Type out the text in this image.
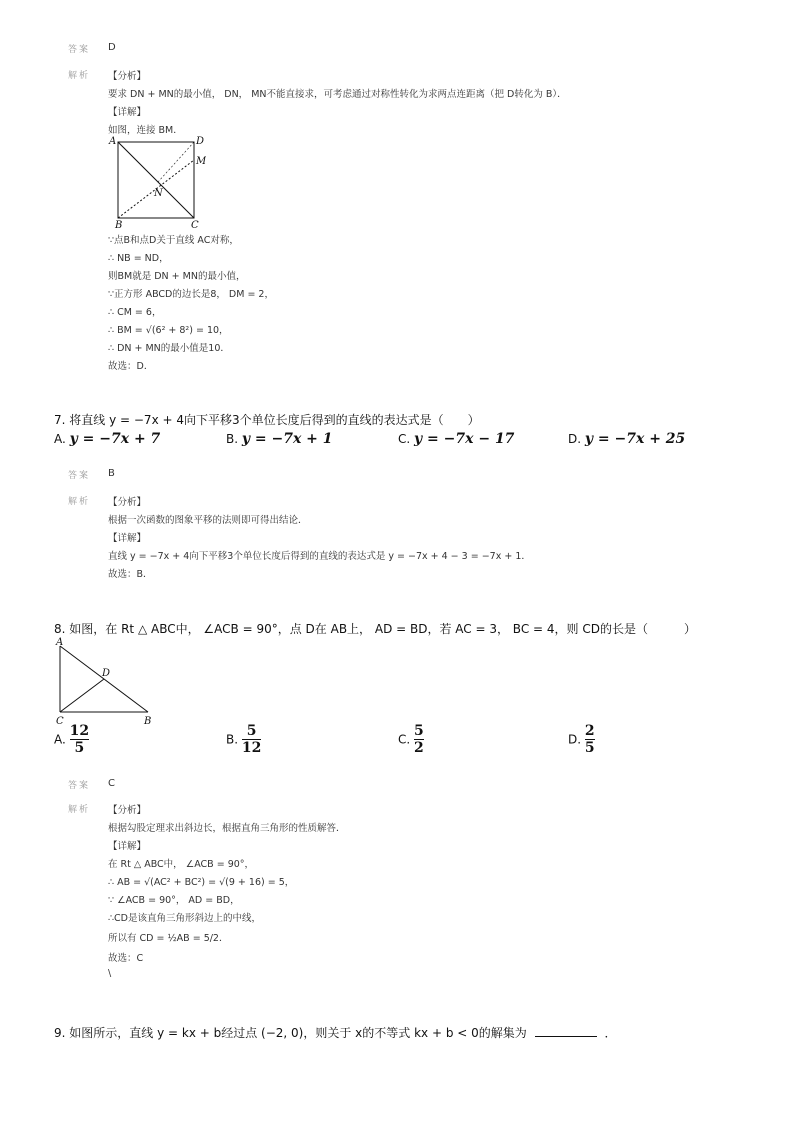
答案 D
解析 【分析】
要求 DN + MN的最小值， DN， MN不能直接求，可考虑通过对称性转化为求两点连距离（把 D转化为 B）．
【详解】
如图，连接 BM．
A	D
M
N
B	C
∵点B和点D关于直线 AC对称，
∴ NB = ND，
则BM就是 DN + MN的最小值，
∵正方形 ABCD的边长是8， DM = 2，
∴ CM = 6，
∴ BM = √(6² + 8²) = 10，
∴ DN + MN的最小值是10．
故选：D．
7. 将直线 y = −7x + 4向下平移3个单位长度后得到的直线的表达式是（　　）
A. y = −7x + 7	B. y = −7x + 1	C. y = −7x − 17	D. y = −7x + 25
答案 B
解析 【分析】
根据一次函数的图象平移的法则即可得出结论．
【详解】
直线 y = −7x + 4向下平移3个单位长度后得到的直线的表达式是 y = −7x + 4 − 3 = −7x + 1．
故选：B．
8. 如图，在 Rt △ ABC中， ∠ACB = 90°，点 D在 AB上， AD = BD，若 AC = 3， BC = 4，则 CD的长是（　　　）
A
D
C	B
A. $\frac{12}{5}$	B. $\frac{5}{12}$	C. $\frac{5}{2}$	D. $\frac{2}{5}$
答案 C
解析 【分析】
根据勾股定理求出斜边长，根据直角三角形的性质解答．
【详解】
在 Rt △ ABC中， ∠ACB = 90°，
∴ AB = √(AC² + BC²) = √(9 + 16) = 5，
∵ ∠ACB = 90°， AD = BD，
∴CD是该直角三角形斜边上的中线，
所以有 CD = ½AB = 5/2．
故选：C
\
9. 如图所示，直线 y = kx + b经过点 (−2, 0)，则关于 x的不等式 kx + b < 0的解集为	．
